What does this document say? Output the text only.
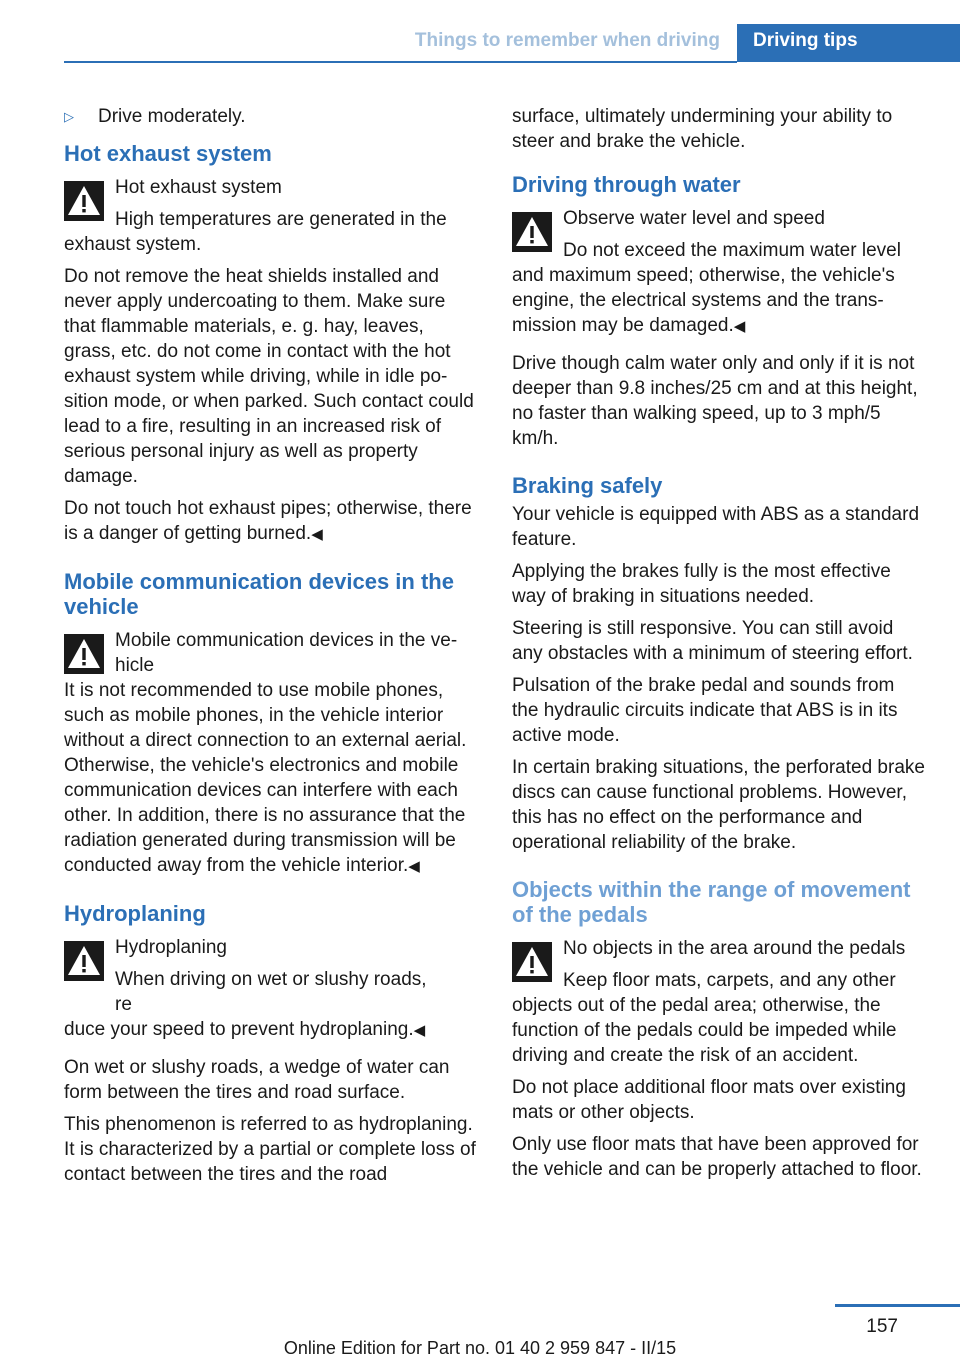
Things to remember when driving	Driving tips
▷	Drive moderately.
Hot exhaust system

Hot exhaust system

High temperatures are generated in the

exhaust system.

Do not remove the heat shields installed and never apply undercoating to them. Make sure that flammable materials, e. g. hay, leaves, grass, etc. do not come in contact with the hot exhaust system while driving, while in idle position mode, or when parked. Such contact could lead to a fire, resulting in an increased risk of serious personal injury as well as property damage.

Do not touch hot exhaust pipes; otherwise, there is a danger of getting burned.◀

Mobile communication devices in the vehicle

Mobile communication devices in the vehicle

It is not recommended to use mobile phones, such as mobile phones, in the vehicle interior without a direct connection to an external aerial. Otherwise, the vehicle's electronics and mobile communication devices can interfere with each other. In addition, there is no assurance that the radiation generated during transmission will be conducted away from the vehicle interior.◀

Hydroplaning

Hydroplaning

When driving on wet or slushy roads, re

duce your speed to prevent hydroplaning.◀

On wet or slushy roads, a wedge of water can form between the tires and road surface.

This phenomenon is referred to as hydroplaning. It is characterized by a partial or complete loss of contact between the tires and the road

surface, ultimately undermining your ability to steer and brake the vehicle.

Driving through water

Observe water level and speed

Do not exceed the maximum water level

and maximum speed; otherwise, the vehicle's engine, the electrical systems and the transmission may be damaged.◀

Drive though calm water only and only if it is not deeper than 9.8 inches/25 cm and at this height, no faster than walking speed, up to 3 mph/5 km/h.

Braking safely

Your vehicle is equipped with ABS as a standard feature.

Applying the brakes fully is the most effective way of braking in situations needed.

Steering is still responsive. You can still avoid any obstacles with a minimum of steering effort.

Pulsation of the brake pedal and sounds from the hydraulic circuits indicate that ABS is in its active mode.

In certain braking situations, the perforated brake discs can cause functional problems. However, this has no effect on the performance and operational reliability of the brake.

Objects within the range of movement of the pedals

No objects in the area around the pedals

Keep floor mats, carpets, and any other

objects out of the pedal area; otherwise, the function of the pedals could be impeded while driving and create the risk of an accident.

Do not place additional floor mats over existing mats or other objects.

Only use floor mats that have been approved for the vehicle and can be properly attached to floor.

157
Online Edition for Part no. 01 40 2 959 847 - II/15
